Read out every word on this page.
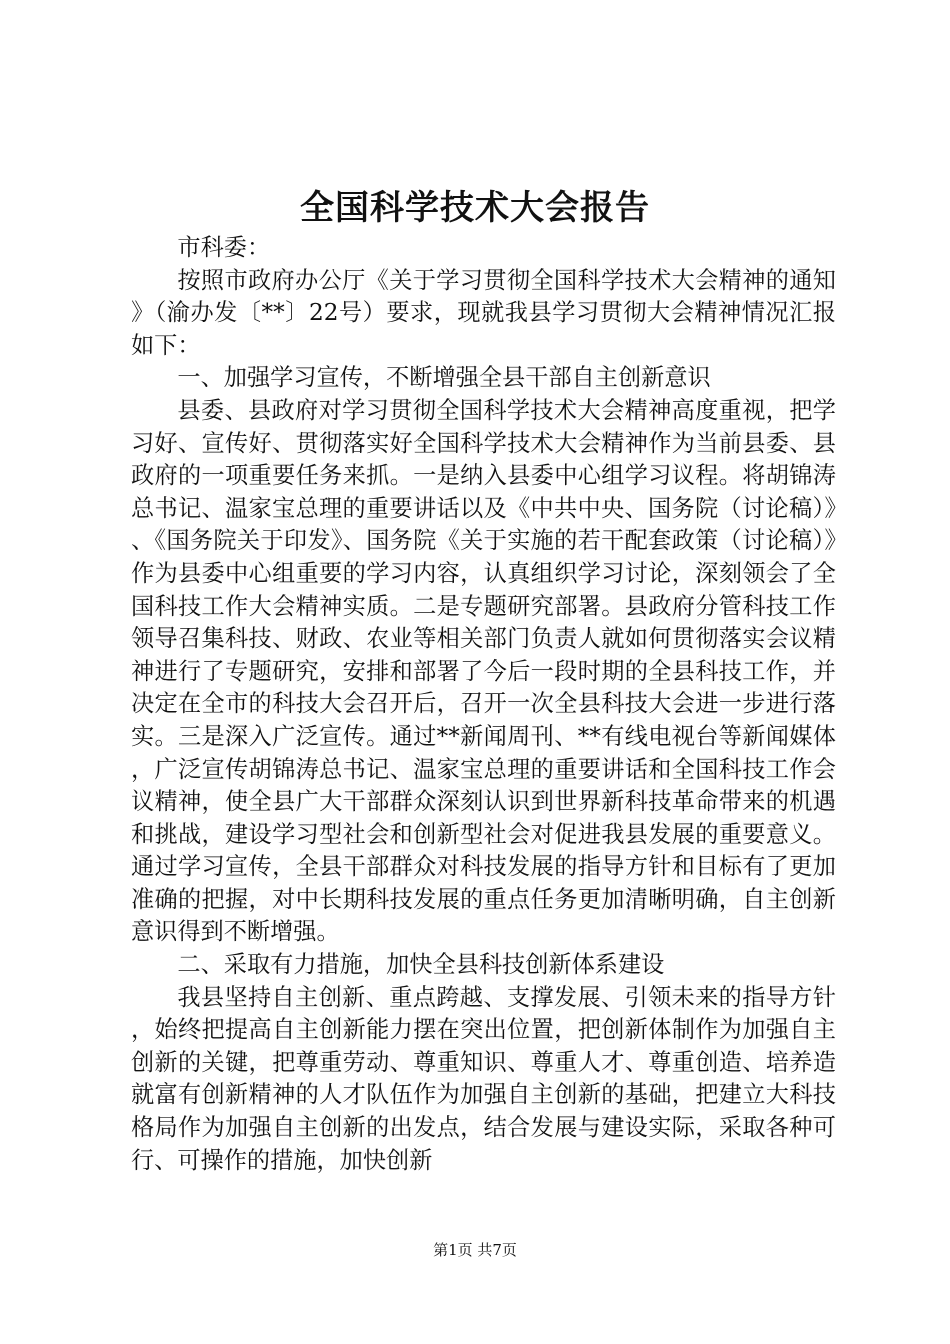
全国科学技术大会报告

市科委：

按照市政府办公厅《关于学习贯彻全国科学技术大会精神的通知》（渝办发〔**〕22号）要求，现就我县学习贯彻大会精神情况汇报如下：

一、加强学习宣传，不断增强全县干部自主创新意识

县委、县政府对学习贯彻全国科学技术大会精神高度重视，把学习好、宣传好、贯彻落实好全国科学技术大会精神作为当前县委、县政府的一项重要任务来抓。一是纳入县委中心组学习议程。将胡锦涛总书记、温家宝总理的重要讲话以及《中共中央、国务院（讨论稿）》、《国务院关于印发》、国务院《关于实施的若干配套政策（讨论稿）》作为县委中心组重要的学习内容，认真组织学习讨论，深刻领会了全国科技工作大会精神实质。二是专题研究部署。县政府分管科技工作领导召集科技、财政、农业等相关部门负责人就如何贯彻落实会议精神进行了专题研究，安排和部署了今后一段时期的全县科技工作，并决定在全市的科技大会召开后，召开一次全县科技大会进一步进行落实。三是深入广泛宣传。通过**新闻周刊、**有线电视台等新闻媒体，广泛宣传胡锦涛总书记、温家宝总理的重要讲话和全国科技工作会议精神，使全县广大干部群众深刻认识到世界新科技革命带来的机遇和挑战，建设学习型社会和创新型社会对促进我县发展的重要意义。通过学习宣传，全县干部群众对科技发展的指导方针和目标有了更加准确的把握，对中长期科技发展的重点任务更加清晰明确，自主创新意识得到不断增强。

二、采取有力措施，加快全县科技创新体系建设

我县坚持自主创新、重点跨越、支撑发展、引领未来的指导方针，始终把提高自主创新能力摆在突出位置，把创新体制作为加强自主创新的关键，把尊重劳动、尊重知识、尊重人才、尊重创造、培养造就富有创新精神的人才队伍作为加强自主创新的基础，把建立大科技格局作为加强自主创新的出发点，结合发展与建设实际，采取各种可行、可操作的措施，加快创新

第1页 共7页
